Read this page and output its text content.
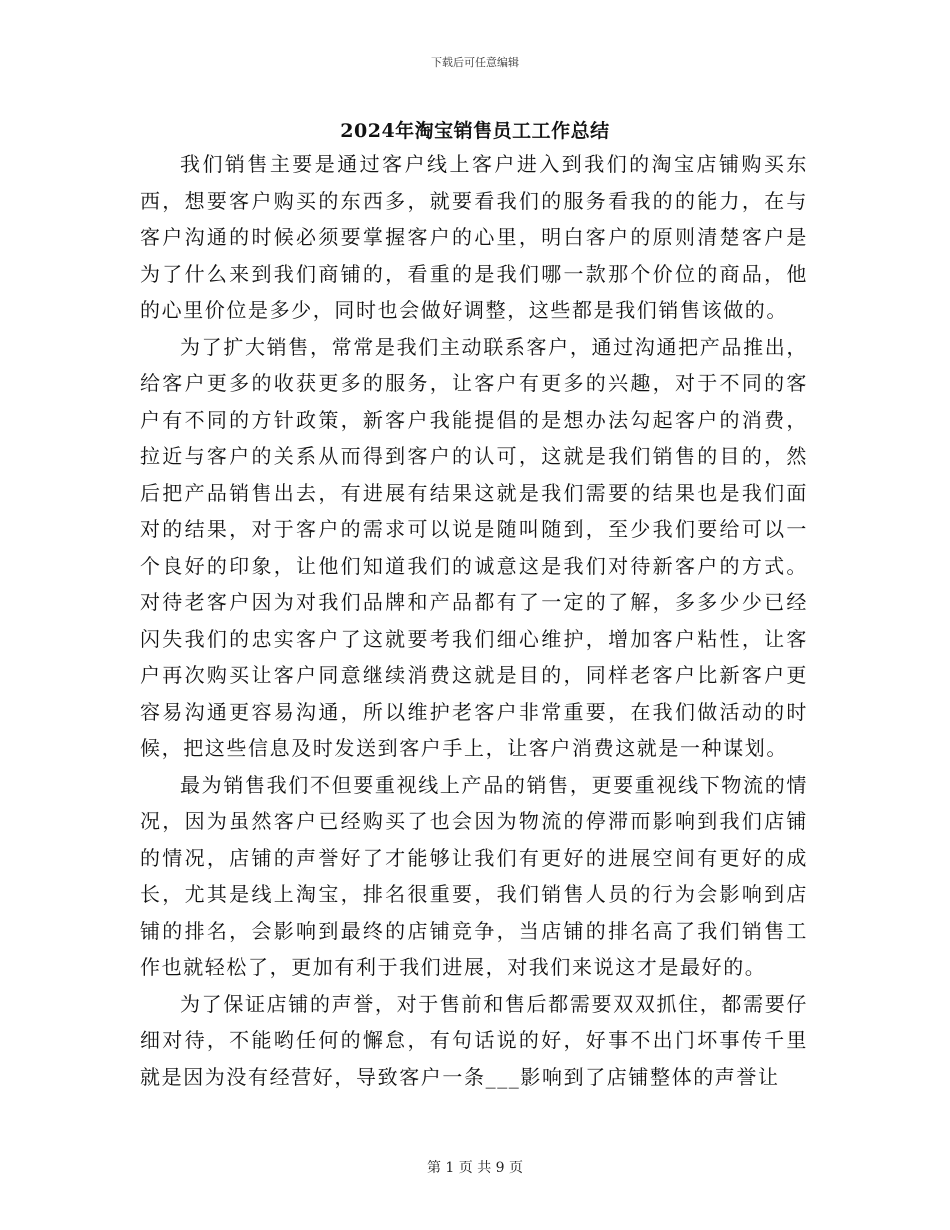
下载后可任意编辑
2024年淘宝销售员工工作总结

我们销售主要是通过客户线上客户进入到我们的淘宝店铺购买东西，想要客户购买的东西多，就要看我们的服务看我的的能力，在与客户沟通的时候必须要掌握客户的心里，明白客户的原则清楚客户是为了什么来到我们商铺的，看重的是我们哪一款那个价位的商品，他的心里价位是多少，同时也会做好调整，这些都是我们销售该做的。

为了扩大销售，常常是我们主动联系客户，通过沟通把产品推出，给客户更多的收获更多的服务，让客户有更多的兴趣，对于不同的客户有不同的方针政策，新客户我能提倡的是想办法勾起客户的消费，拉近与客户的关系从而得到客户的认可，这就是我们销售的目的，然后把产品销售出去，有进展有结果这就是我们需要的结果也是我们面对的结果，对于客户的需求可以说是随叫随到，至少我们要给可以一个良好的印象，让他们知道我们的诚意这是我们对待新客户的方式。对待老客户因为对我们品牌和产品都有了一定的了解，多多少少已经闪失我们的忠实客户了这就要考我们细心维护，增加客户粘性，让客户再次购买让客户同意继续消费这就是目的，同样老客户比新客户更容易沟通更容易沟通，所以维护老客户非常重要，在我们做活动的时候，把这些信息及时发送到客户手上，让客户消费这就是一种谋划。

最为销售我们不但要重视线上产品的销售，更要重视线下物流的情况，因为虽然客户已经购买了也会因为物流的停滞而影响到我们店铺的情况，店铺的声誉好了才能够让我们有更好的进展空间有更好的成长，尤其是线上淘宝，排名很重要，我们销售人员的行为会影响到店铺的排名，会影响到最终的店铺竞争，当店铺的排名高了我们销售工作也就轻松了，更加有利于我们进展，对我们来说这才是最好的。

为了保证店铺的声誉，对于售前和售后都需要双双抓住，都需要仔细对待，不能哟任何的懈怠，有句话说的好，好事不出门坏事传千里就是因为没有经营好，导致客户一条___影响到了店铺整体的声誉让

第 1 页 共 9 页
